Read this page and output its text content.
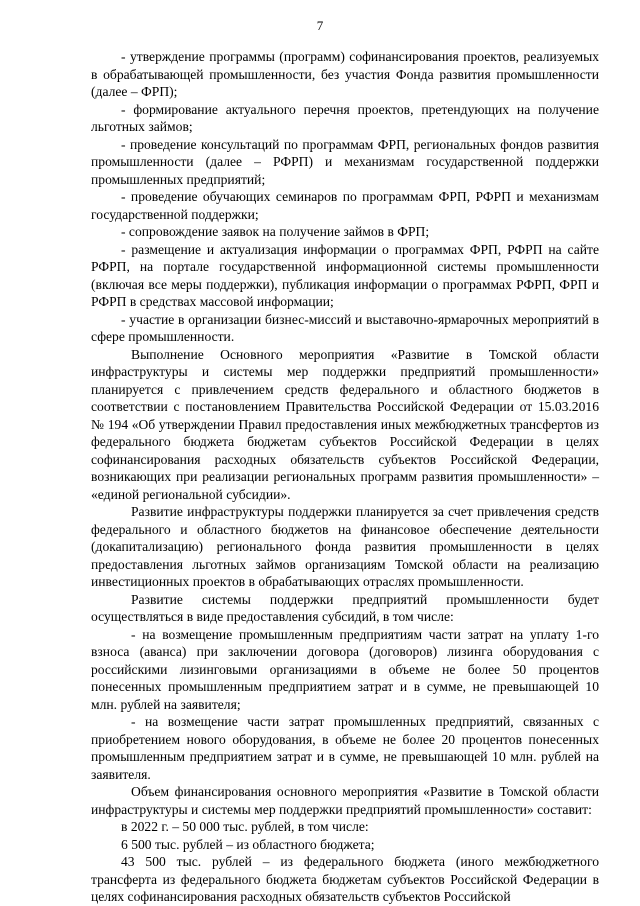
7

- утверждение программы (программ) софинансирования проектов, реализуемых в обрабатывающей промышленности, без участия Фонда развития промышленности (далее – ФРП);

- формирование актуального перечня проектов, претендующих на получение льготных займов;

- проведение консультаций по программам ФРП, региональных фондов развития промышленности (далее – РФРП) и механизмам государственной поддержки промышленных предприятий;

- проведение обучающих семинаров по программам ФРП, РФРП и механизмам государственной поддержки;

- сопровождение заявок на получение займов в ФРП;

- размещение и актуализация информации о программах ФРП, РФРП на сайте РФРП, на портале государственной информационной системы промышленности (включая все меры поддержки), публикация информации о программах РФРП, ФРП и РФРП в средствах массовой информации;

- участие в организации бизнес-миссий и выставочно-ярмарочных мероприятий в сфере промышленности.

Выполнение Основного мероприятия «Развитие в Томской области инфраструктуры и системы мер поддержки предприятий промышленности» планируется с привлечением средств федерального и областного бюджетов в соответствии с постановлением Правительства Российской Федерации от 15.03.2016 № 194 «Об утверждении Правил предоставления иных межбюджетных трансфертов из федерального бюджета бюджетам субъектов Российской Федерации в целях софинансирования расходных обязательств субъектов Российской Федерации, возникающих при реализации региональных программ развития промышленности» – «единой региональной субсидии».

Развитие инфраструктуры поддержки планируется за счет привлечения средств федерального и областного бюджетов на финансовое обеспечение деятельности (докапитализацию) регионального фонда развития промышленности в целях предоставления льготных займов организациям Томской области на реализацию инвестиционных проектов в обрабатывающих отраслях промышленности.

Развитие системы поддержки предприятий промышленности будет осуществляться в виде предоставления субсидий, в том числе:

- на возмещение промышленным предприятиям части затрат на уплату 1-го взноса (аванса) при заключении договора (договоров) лизинга оборудования с российскими лизинговыми организациями в объеме не более 50 процентов понесенных промышленным предприятием затрат и в сумме, не превышающей 10 млн. рублей на заявителя;

- на возмещение части затрат промышленных предприятий, связанных с приобретением нового оборудования, в объеме не более 20 процентов понесенных промышленным предприятием затрат и в сумме, не превышающей 10 млн. рублей на заявителя.

Объем финансирования основного мероприятия «Развитие в Томской области инфраструктуры и системы мер поддержки предприятий промышленности» составит:

в 2022 г. – 50 000 тыс. рублей, в том числе:

6 500 тыс. рублей – из областного бюджета;

43 500 тыс. рублей – из федерального бюджета (иного межбюджетного трансферта из федерального бюджета бюджетам субъектов Российской Федерации в целях софинансирования расходных обязательств субъектов Российской
